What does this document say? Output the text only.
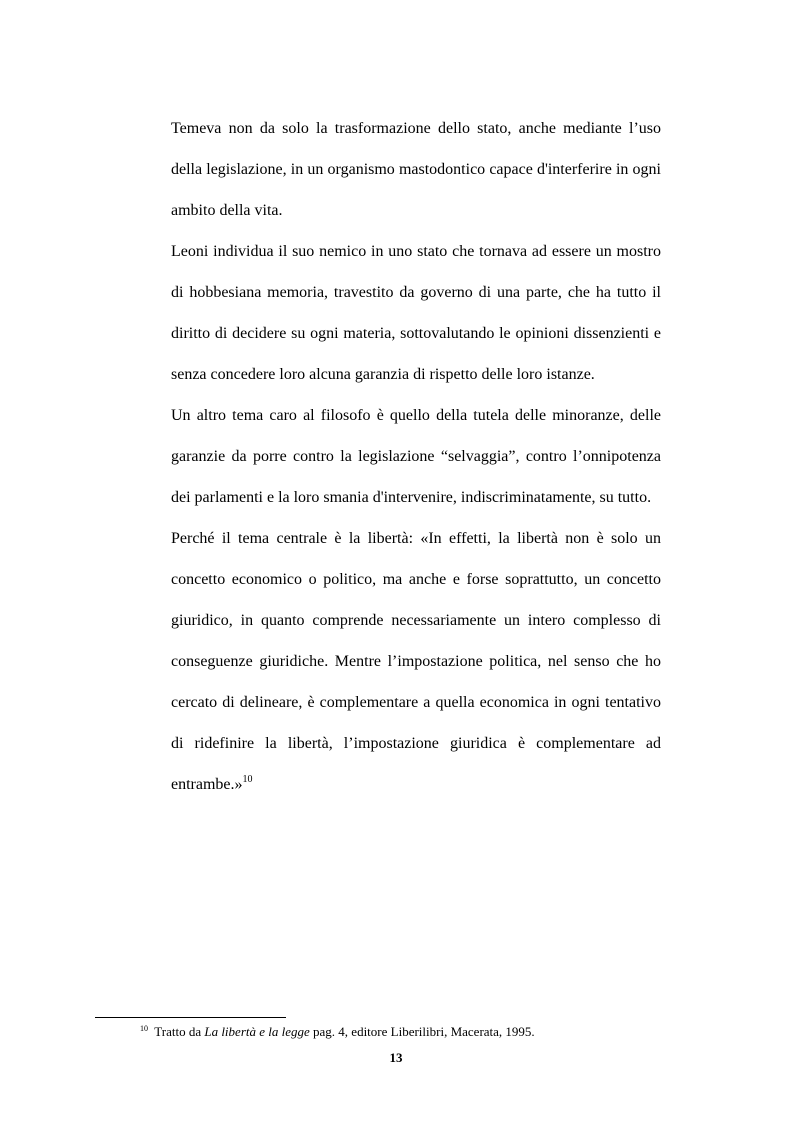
Temeva non da solo la trasformazione dello stato, anche mediante l’uso della legislazione, in un organismo mastodontico capace d'interferire in ogni ambito della vita.

Leoni individua il suo nemico in uno stato che tornava ad essere un mostro di hobbesiana memoria, travestito da governo di una parte, che ha tutto il diritto di decidere su ogni materia, sottovalutando le opinioni dissenzienti e senza concedere loro alcuna garanzia di rispetto delle loro istanze.

Un altro tema caro al filosofo è quello della tutela delle minoranze, delle garanzie da porre contro la legislazione “selvaggia”, contro l’onnipotenza dei parlamenti e la loro smania d'intervenire, indiscriminatamente, su tutto.

Perché il tema centrale è la libertà: «In effetti, la libertà non è solo un concetto economico o politico, ma anche e forse soprattutto, un concetto giuridico, in quanto comprende necessariamente un intero complesso di conseguenze giuridiche. Mentre l’impostazione politica, nel senso che ho cercato di delineare, è complementare a quella economica in ogni tentativo di ridefinire la libertà, l’impostazione giuridica è complementare ad entrambe.»$^{10}$

$^{10}$ Tratto da La libertà e la legge pag. 4, editore Liberilibri, Macerata, 1995.
13
